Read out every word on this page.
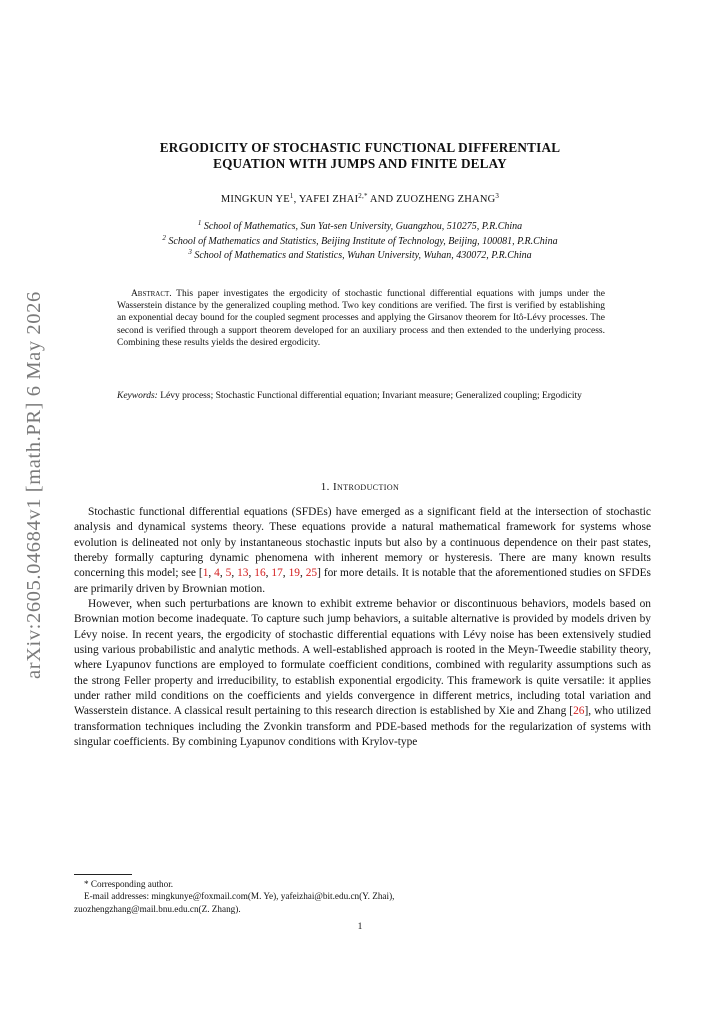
arXiv:2605.04684v1 [math.PR] 6 May 2026
ERGODICITY OF STOCHASTIC FUNCTIONAL DIFFERENTIAL
EQUATION WITH JUMPS AND FINITE DELAY
MINGKUN $YE^1$, YAFEI $ZHAI^{2,*}$ AND ZUOZHENG ZHANG$^3$
$^1$ School of Mathematics, Sun Yat-sen University, Guangzhou, 510275, P.R.China
$^2$ School of Mathematics and Statistics, Beijing Institute of Technology, Beijing, 100081, P.R.China
$^3$ School of Mathematics and Statistics, Wuhan University, Wuhan, 430072, P.R.China
Abstract. This paper investigates the ergodicity of stochastic functional differential equations with jumps under the Wasserstein distance by the generalized coupling method. Two key conditions are verified. The first is verified by establishing an exponential decay bound for the coupled segment processes and applying the Girsanov theorem for Itô-Lévy processes. The second is verified through a support theorem developed for an auxiliary process and then extended to the underlying process. Combining these results yields the desired ergodicity.
Keywords: Lévy process; Stochastic Functional differential equation; Invariant measure; Generalized coupling; Ergodicity
1. Introduction

Stochastic functional differential equations (SFDEs) have emerged as a significant field at the intersection of stochastic analysis and dynamical systems theory. These equations provide a natural mathematical framework for systems whose evolution is delineated not only by instantaneous stochastic inputs but also by a continuous dependence on their past states, thereby formally capturing dynamic phenomena with inherent memory or hysteresis. There are many known results concerning this model; see [1, 4, 5, 13, 16, 17, 19, 25] for more details. It is notable that the aforementioned studies on SFDEs are primarily driven by Brownian motion.

However, when such perturbations are known to exhibit extreme behavior or discontinuous behaviors, models based on Brownian motion become inadequate. To capture such jump behaviors, a suitable alternative is provided by models driven by Lévy noise. In recent years, the ergodicity of stochastic differential equations with Lévy noise has been extensively studied using various probabilistic and analytic methods. A well-established approach is rooted in the Meyn-Tweedie stability theory, where Lyapunov functions are employed to formulate coefficient conditions, combined with regularity assumptions such as the strong Feller property and irreducibility, to establish exponential ergodicity. This framework is quite versatile: it applies under rather mild conditions on the coefficients and yields convergence in different metrics, including total variation and Wasserstein distance. A classical result pertaining to this research direction is established by Xie and Zhang [26], who utilized transformation techniques including the Zvonkin transform and PDE-based methods for the regularization of systems with singular coefficients. By combining Lyapunov conditions with Krylov-type

* Corresponding author.
E-mail addresses: mingkunye@foxmail.com(M. Ye), yafeizhai@bit.edu.cn(Y. Zhai),
zuozhengzhang@mail.bnu.edu.cn(Z. Zhang).
1
